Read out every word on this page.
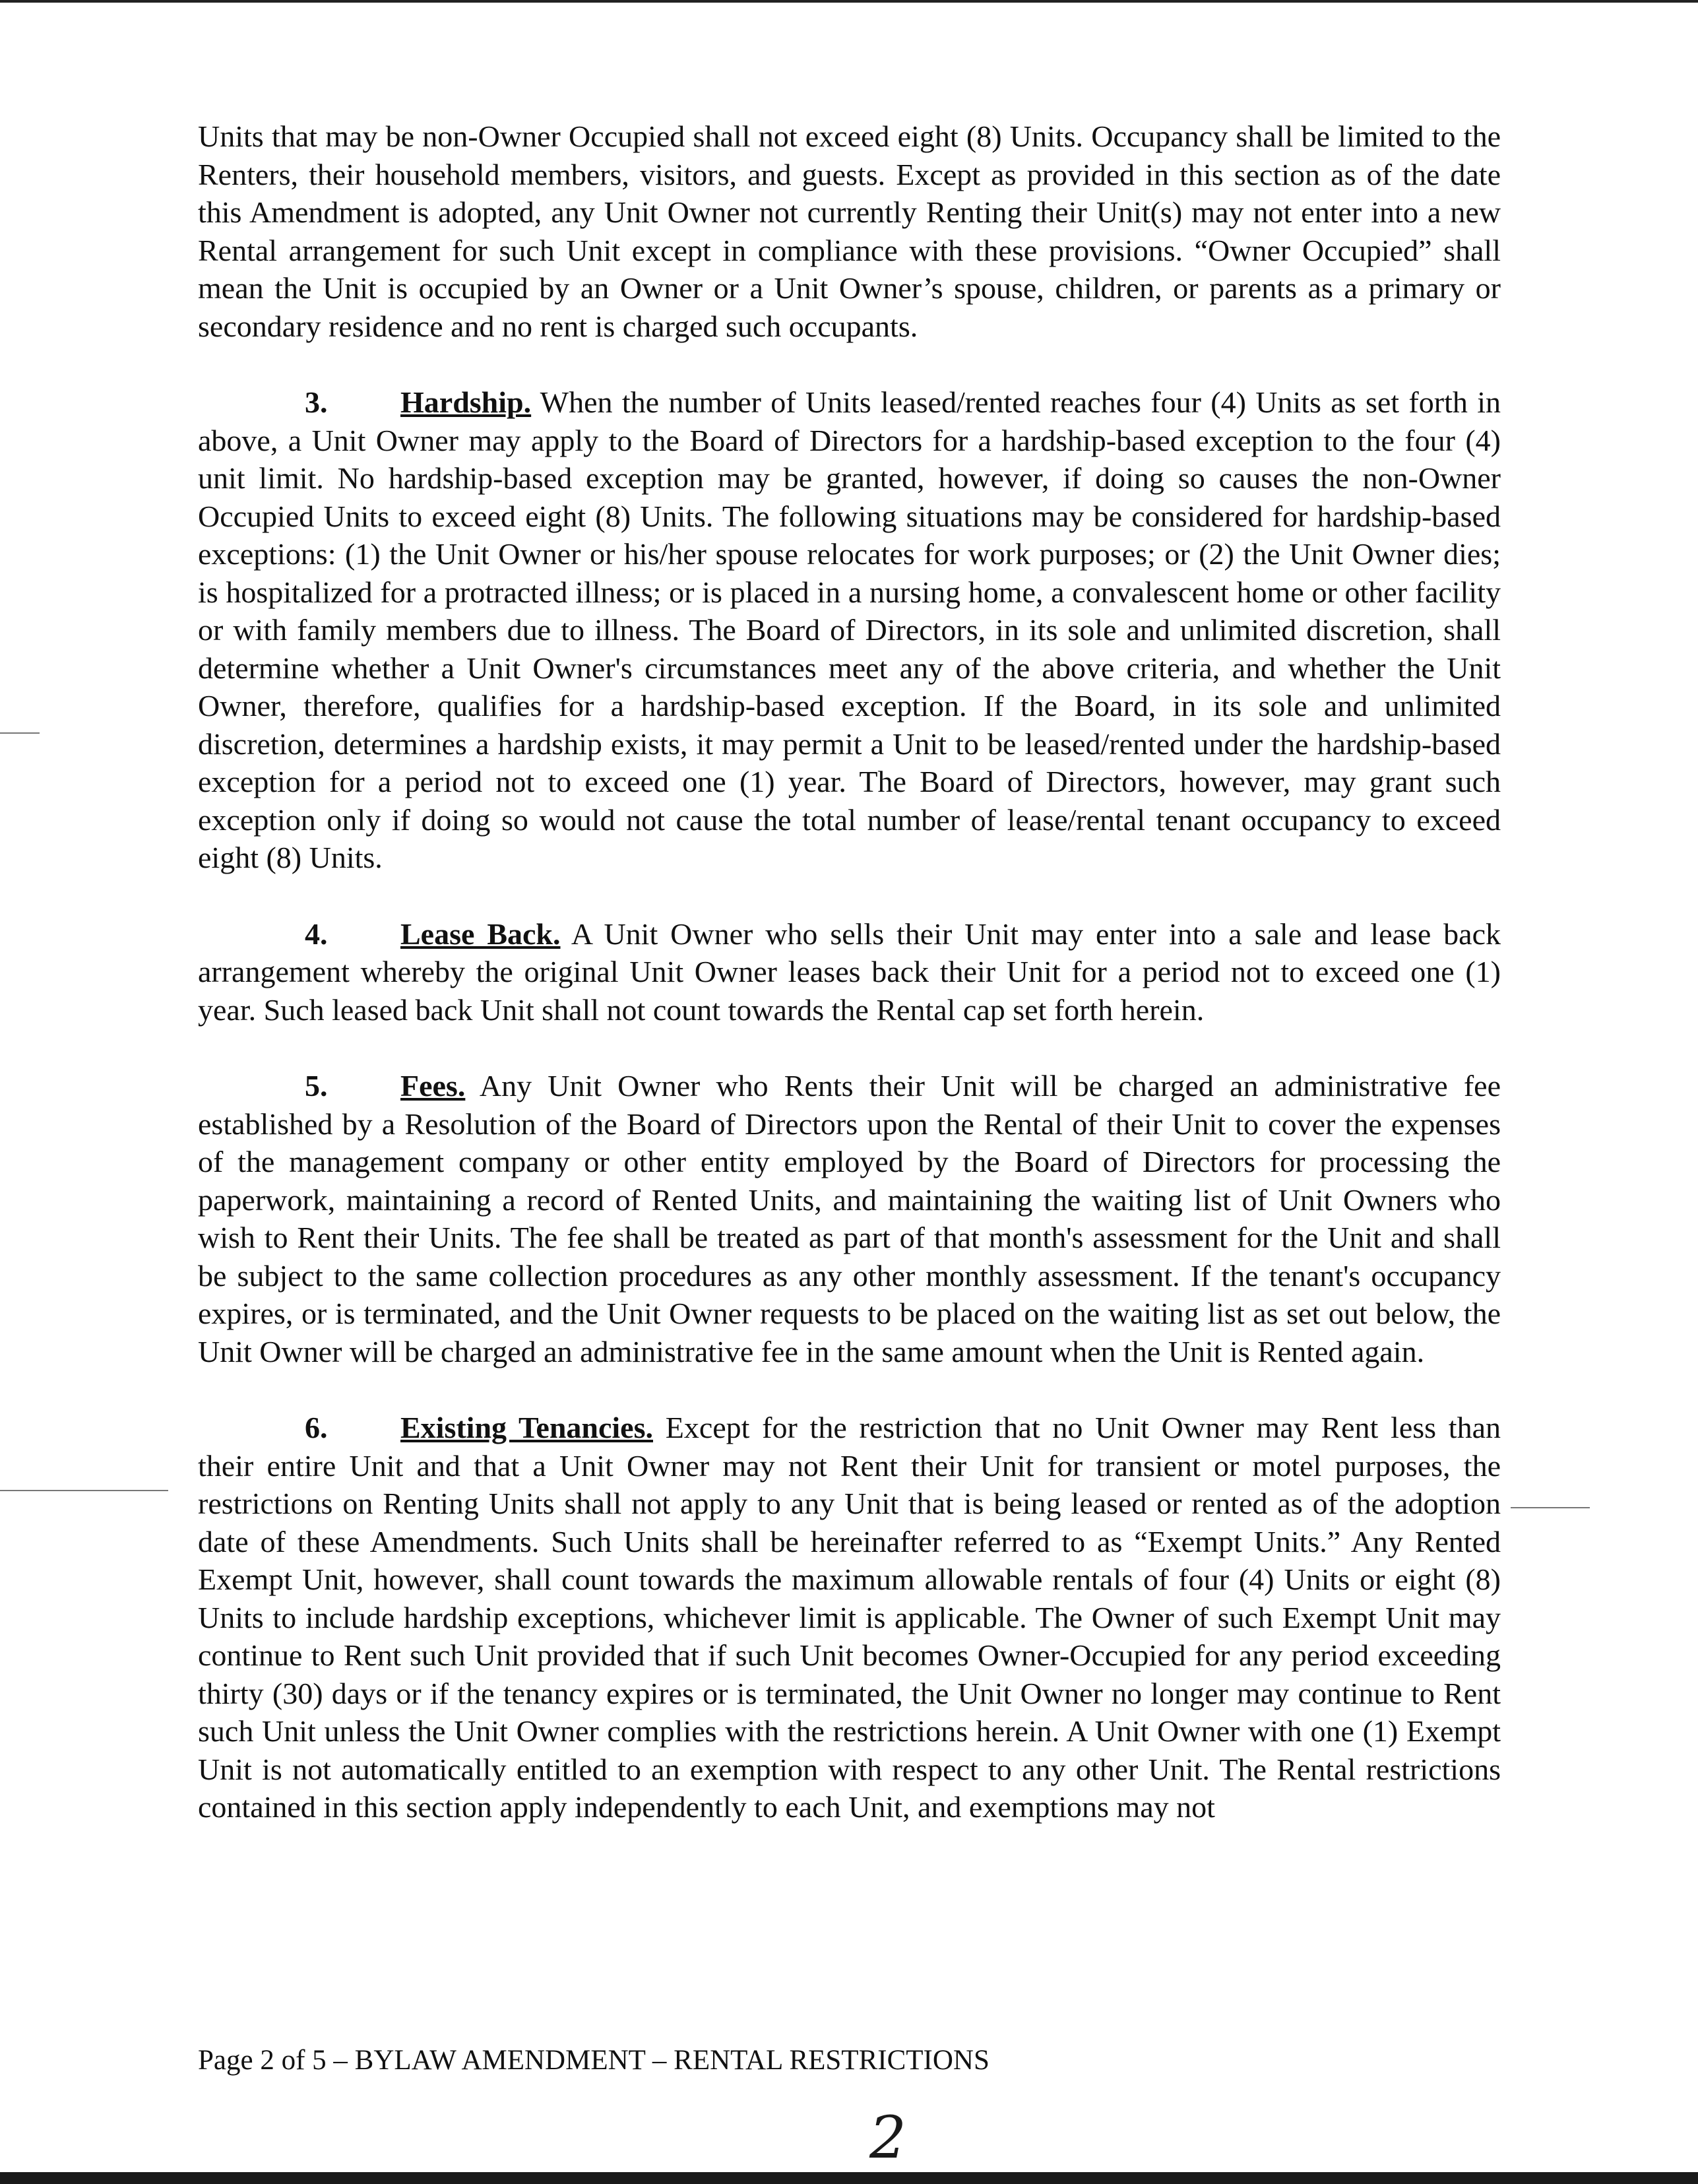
Units that may be non-Owner Occupied shall not exceed eight (8) Units. Occupancy shall be limited to the Renters, their household members, visitors, and guests. Except as provided in this section as of the date this Amendment is adopted, any Unit Owner not currently Renting their Unit(s) may not enter into a new Rental arrangement for such Unit except in compliance with these provisions. “Owner Occupied” shall mean the Unit is occupied by an Owner or a Unit Owner’s spouse, children, or parents as a primary or secondary residence and no rent is charged such occupants.

3. Hardship. When the number of Units leased/rented reaches four (4) Units as set forth in above, a Unit Owner may apply to the Board of Directors for a hardship-based exception to the four (4) unit limit. No hardship-based exception may be granted, however, if doing so causes the non-Owner Occupied Units to exceed eight (8) Units. The following situations may be considered for hardship-based exceptions: (1) the Unit Owner or his/her spouse relocates for work purposes; or (2) the Unit Owner dies; is hospitalized for a protracted illness; or is placed in a nursing home, a convalescent home or other facility or with family members due to illness. The Board of Directors, in its sole and unlimited discretion, shall determine whether a Unit Owner's circumstances meet any of the above criteria, and whether the Unit Owner, therefore, qualifies for a hardship-based exception. If the Board, in its sole and unlimited discretion, determines a hardship exists, it may permit a Unit to be leased/rented under the hardship-based exception for a period not to exceed one (1) year. The Board of Directors, however, may grant such exception only if doing so would not cause the total number of lease/rental tenant occupancy to exceed eight (8) Units.

4. Lease Back. A Unit Owner who sells their Unit may enter into a sale and lease back arrangement whereby the original Unit Owner leases back their Unit for a period not to exceed one (1) year. Such leased back Unit shall not count towards the Rental cap set forth herein.

5. Fees. Any Unit Owner who Rents their Unit will be charged an administrative fee established by a Resolution of the Board of Directors upon the Rental of their Unit to cover the expenses of the management company or other entity employed by the Board of Directors for processing the paperwork, maintaining a record of Rented Units, and maintaining the waiting list of Unit Owners who wish to Rent their Units. The fee shall be treated as part of that month's assessment for the Unit and shall be subject to the same collection procedures as any other monthly assessment. If the tenant's occupancy expires, or is terminated, and the Unit Owner requests to be placed on the waiting list as set out below, the Unit Owner will be charged an administrative fee in the same amount when the Unit is Rented again.

6. Existing Tenancies. Except for the restriction that no Unit Owner may Rent less than their entire Unit and that a Unit Owner may not Rent their Unit for transient or motel purposes, the restrictions on Renting Units shall not apply to any Unit that is being leased or rented as of the adoption date of these Amendments. Such Units shall be hereinafter referred to as “Exempt Units.” Any Rented Exempt Unit, however, shall count towards the maximum allowable rentals of four (4) Units or eight (8) Units to include hardship exceptions, whichever limit is applicable. The Owner of such Exempt Unit may continue to Rent such Unit provided that if such Unit becomes Owner-Occupied for any period exceeding thirty (30) days or if the tenancy expires or is terminated, the Unit Owner no longer may continue to Rent such Unit unless the Unit Owner complies with the restrictions herein. A Unit Owner with one (1) Exempt Unit is not automatically entitled to an exemption with respect to any other Unit. The Rental restrictions contained in this section apply independently to each Unit, and exemptions may not

Page 2 of 5 – BYLAW AMENDMENT – RENTAL RESTRICTIONS
2
